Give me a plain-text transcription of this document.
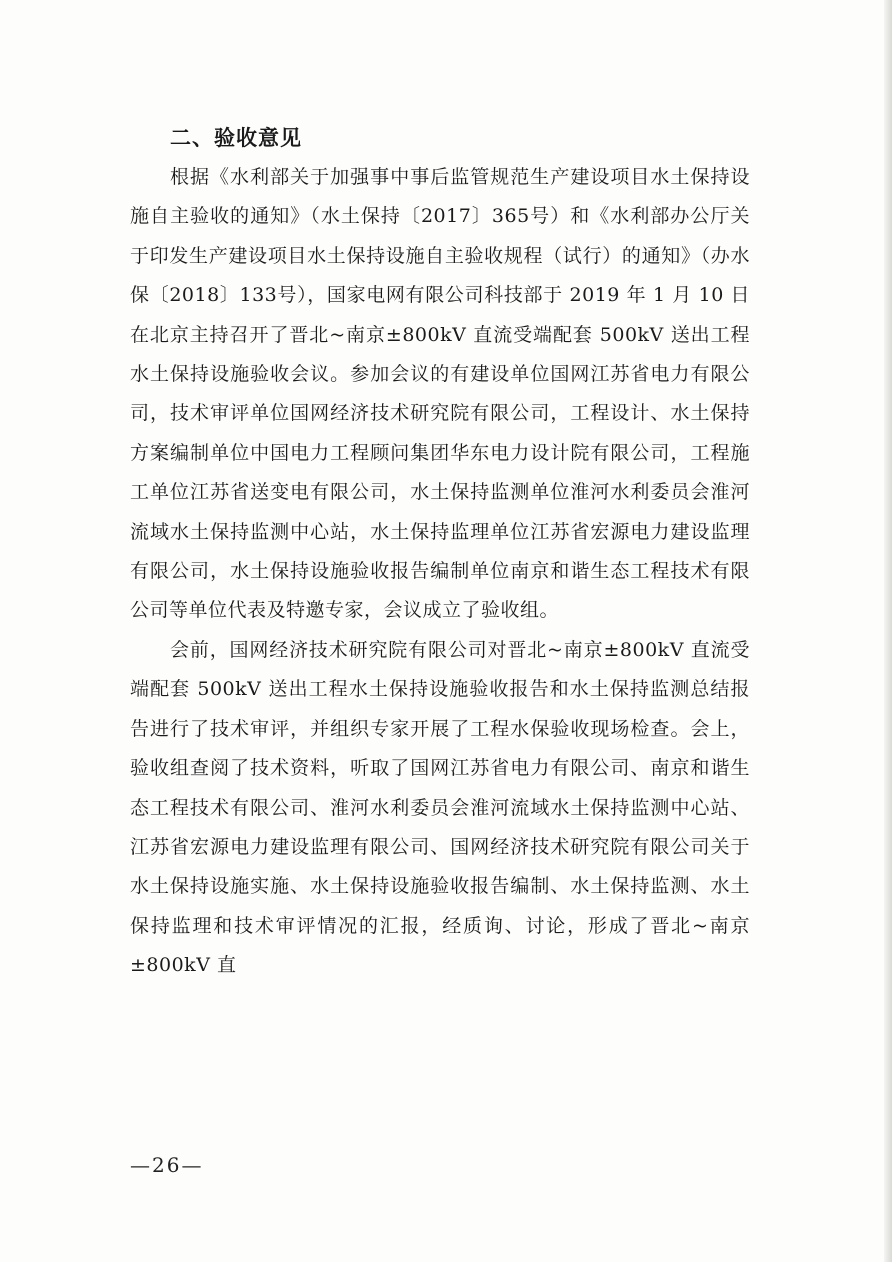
二、验收意见

根据《水利部关于加强事中事后监管规范生产建设项目水土保持设施自主验收的通知》（水土保持〔2017〕365号）和《水利部办公厅关于印发生产建设项目水土保持设施自主验收规程（试行）的通知》（办水保〔2018〕133号），国家电网有限公司科技部于 2019 年 1 月 10 日在北京主持召开了晋北~南京±800kV 直流受端配套 500kV 送出工程水土保持设施验收会议。参加会议的有建设单位国网江苏省电力有限公司，技术审评单位国网经济技术研究院有限公司，工程设计、水土保持方案编制单位中国电力工程顾问集团华东电力设计院有限公司，工程施工单位江苏省送变电有限公司，水土保持监测单位淮河水利委员会淮河流域水土保持监测中心站，水土保持监理单位江苏省宏源电力建设监理有限公司，水土保持设施验收报告编制单位南京和谐生态工程技术有限公司等单位代表及特邀专家，会议成立了验收组。

会前，国网经济技术研究院有限公司对晋北~南京±800kV 直流受端配套 500kV 送出工程水土保持设施验收报告和水土保持监测总结报告进行了技术审评，并组织专家开展了工程水保验收现场检查。会上，验收组查阅了技术资料，听取了国网江苏省电力有限公司、南京和谐生态工程技术有限公司、淮河水利委员会淮河流域水土保持监测中心站、江苏省宏源电力建设监理有限公司、国网经济技术研究院有限公司关于水土保持设施实施、水土保持设施验收报告编制、水土保持监测、水土保持监理和技术审评情况的汇报，经质询、讨论，形成了晋北~南京±800kV 直

—26—
